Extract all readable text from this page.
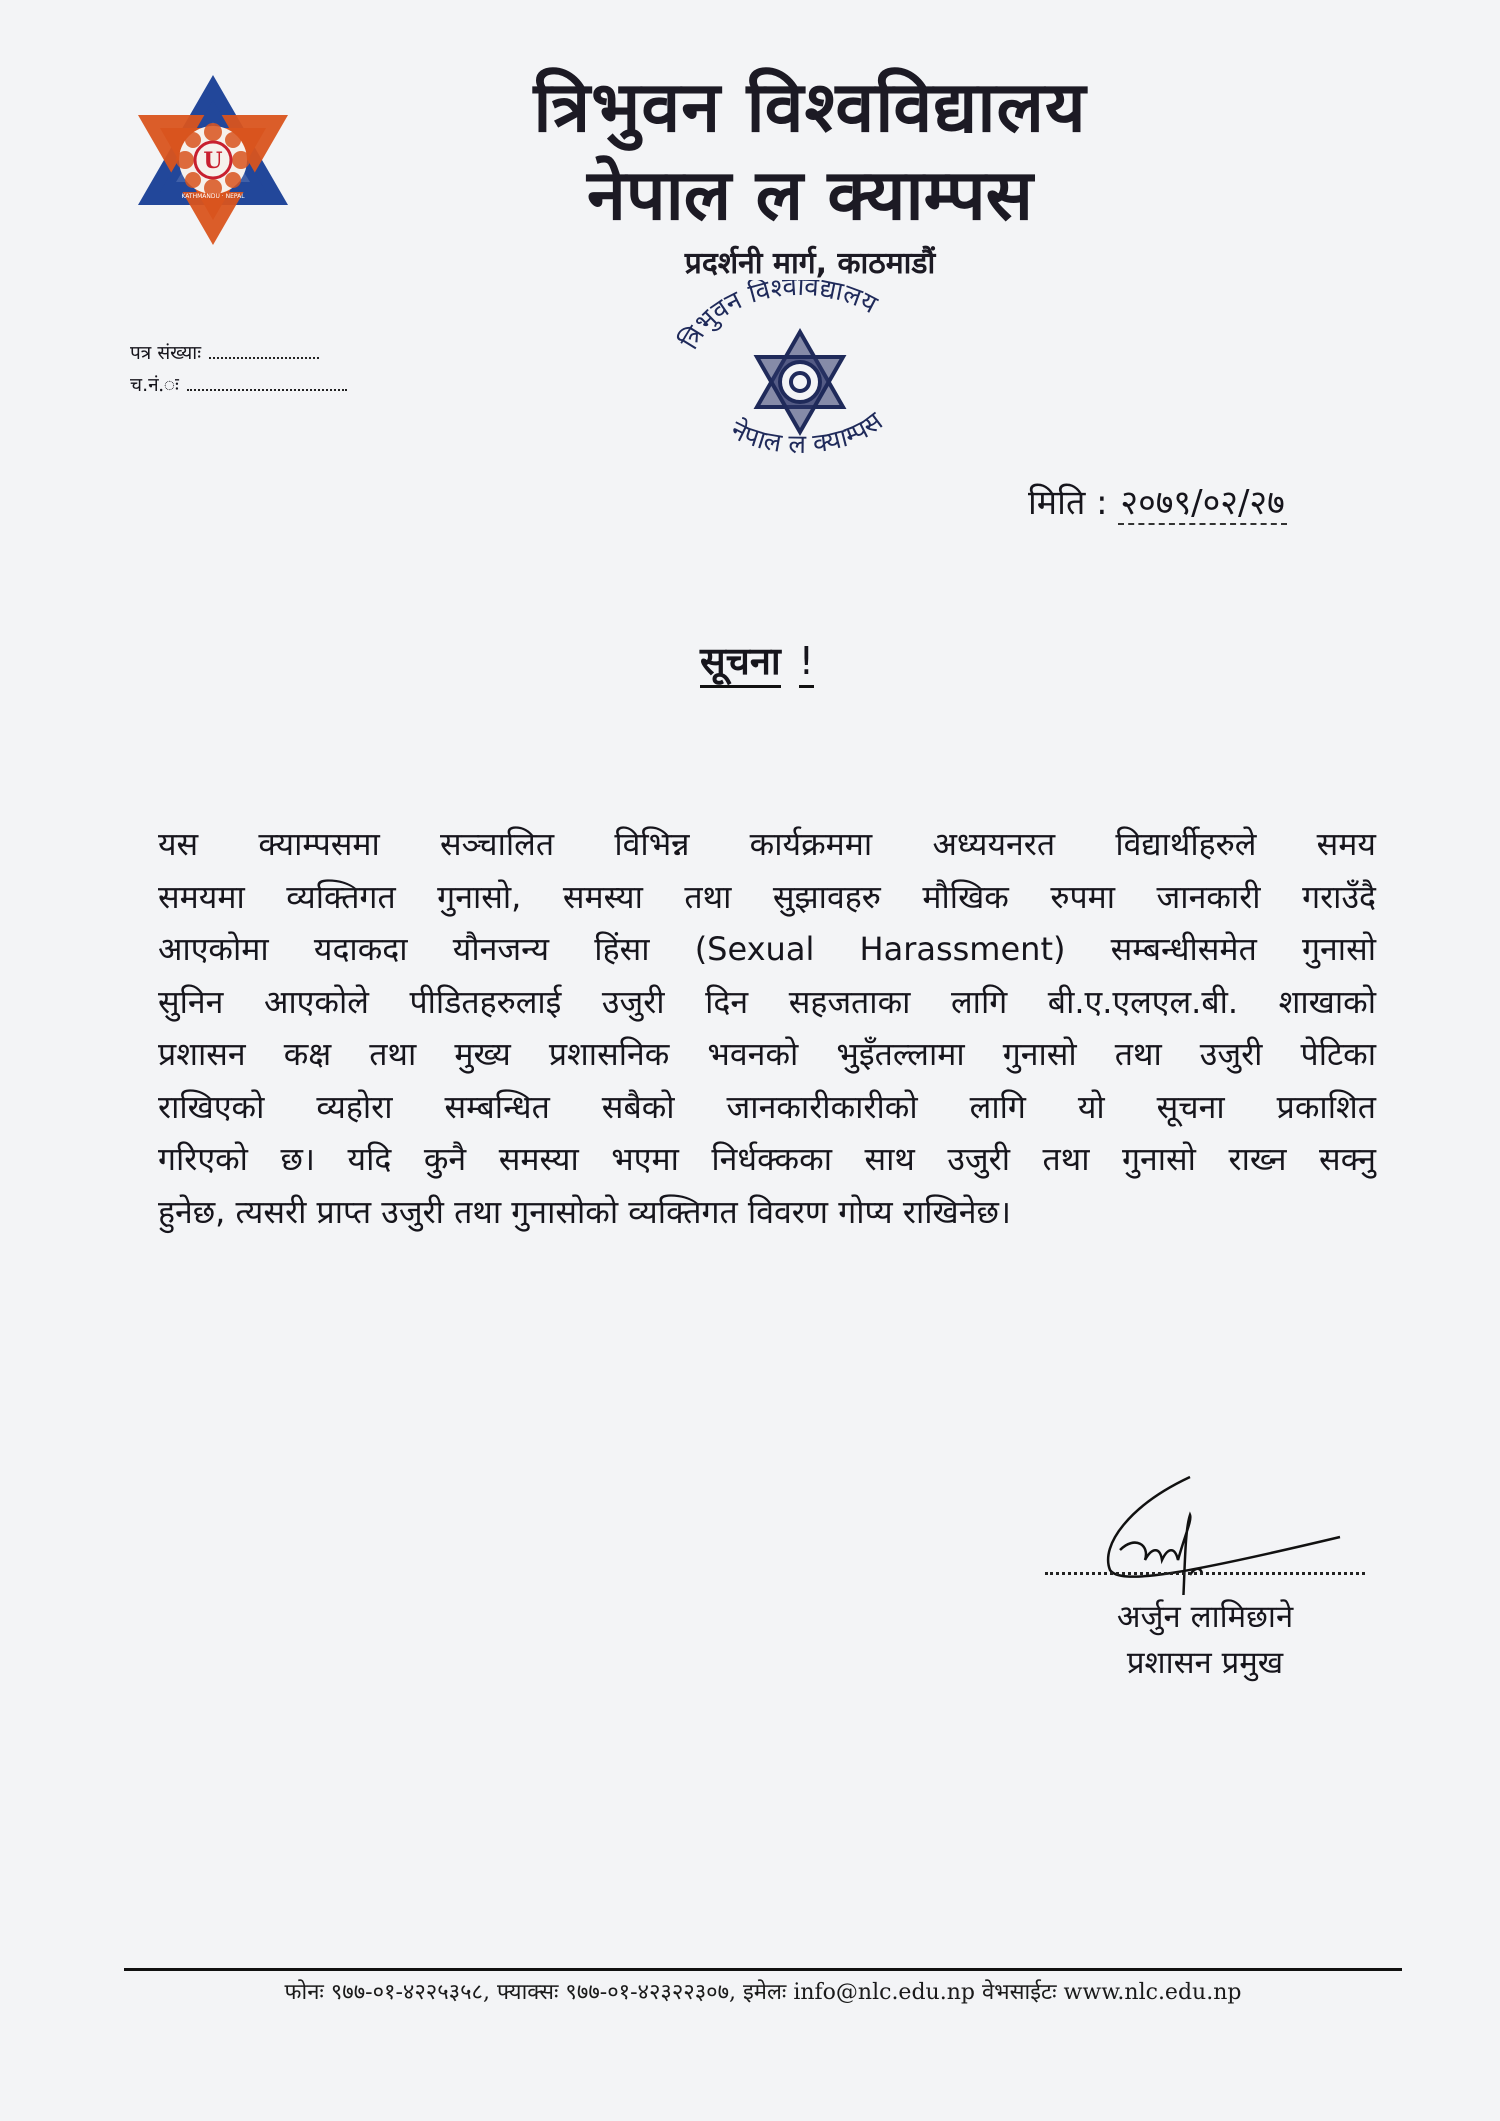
U
KATHMANDU · NEPAL
त्रिभुवन विश्वविद्यालय
नेपाल ल क्याम्पस
प्रदर्शनी मार्ग, काठमाडौं
पत्र संख्याः
च.नं.ः
त्रिभुवन विश्वविद्यालय
नेपाल ल क्याम्पस
मिति : २०७९/०२/२७
सूचना !
यस क्याम्पसमा सञ्चालित विभिन्न कार्यक्रममा अध्ययनरत विद्यार्थीहरुले समय
समयमा व्यक्तिगत गुनासो, समस्या तथा सुझावहरु मौखिक रुपमा जानकारी गराउँदै
आएकोमा यदाकदा यौनजन्य हिंसा (Sexual Harassment) सम्बन्धीसमेत गुनासो
सुनिन आएकोले पीडितहरुलाई उजुरी दिन सहजताका लागि बी.ए.एलएल.बी. शाखाको
प्रशासन कक्ष तथा मुख्य प्रशासनिक भवनको भुइँतल्लामा गुनासो तथा उजुरी पेटिका
राखिएको व्यहोरा सम्बन्धित सबैको जानकारीकारीको लागि यो सूचना प्रकाशित
गरिएको छ। यदि कुनै समस्या भएमा निर्धक्कका साथ उजुरी तथा गुनासो राख्न सक्नु
हुनेछ, त्यसरी प्राप्त उजुरी तथा गुनासोको व्यक्तिगत विवरण गोप्य राखिनेछ।
अर्जुन लामिछाने
प्रशासन प्रमुख
फोनः ९७७-०१-४२२५३५८, फ्याक्सः ९७७-०१-४२३२२३०७, इमेलः info@nlc.edu.np वेभसाईटः www.nlc.edu.np
